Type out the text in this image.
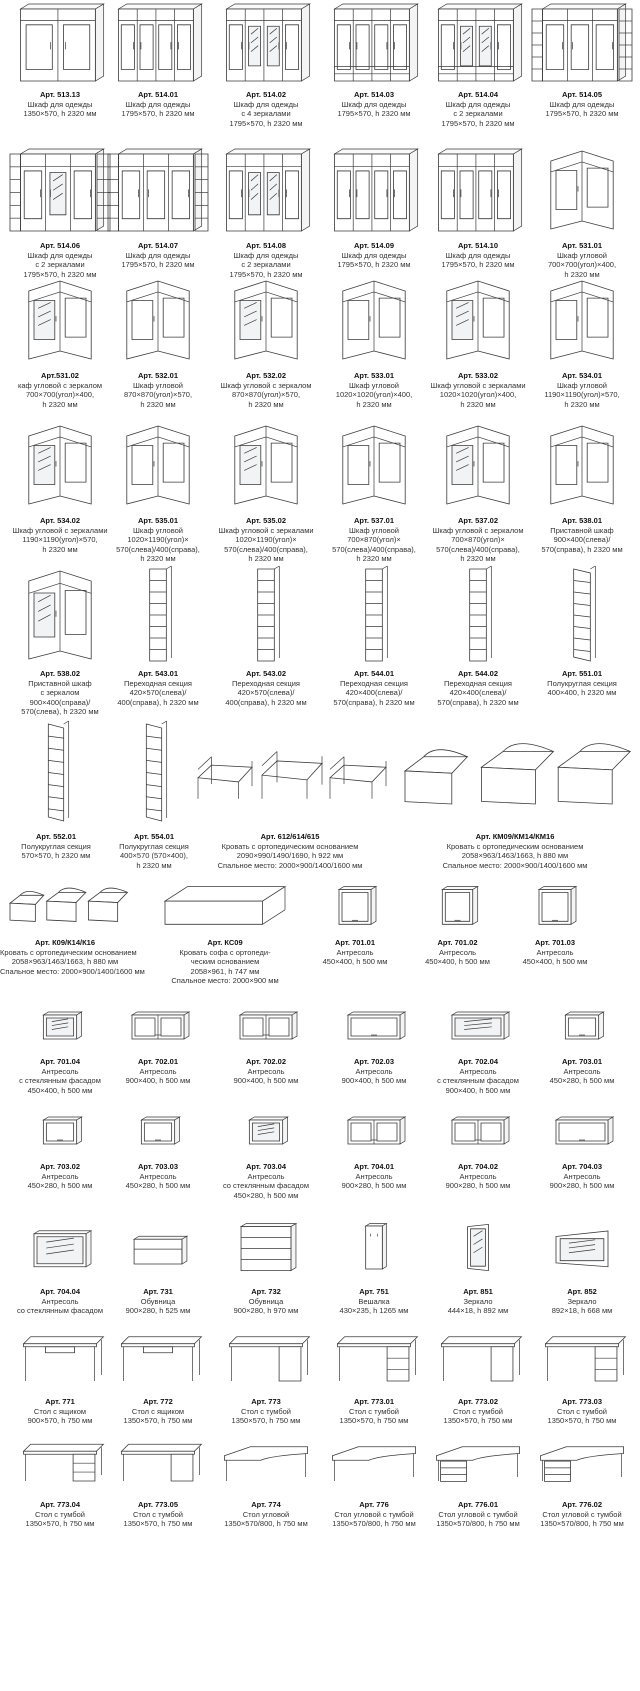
Арт. 513.13
Шкаф для одежды
1350×570, h 2320 мм
Арт. 514.01
Шкаф для одежды
1795×570, h 2320 мм
Арт. 514.02
Шкаф для одежды
с 4 зеркалами
1795×570, h 2320 мм
Арт. 514.03
Шкаф для одежды
1795×570, h 2320 мм
Арт. 514.04
Шкаф для одежды
с 2 зеркалами
1795×570, h 2320 мм
Арт. 514.05
Шкаф для одежды
1795×570, h 2320 мм
Арт. 514.06
Шкаф для одежды
с 2 зеркалами
1795×570, h 2320 мм
Арт. 514.07
Шкаф для одежды
1795×570, h 2320 мм
Арт. 514.08
Шкаф для одежды
с 2 зеркалами
1795×570, h 2320 мм
Арт. 514.09
Шкаф для одежды
1795×570, h 2320 мм
Арт. 514.10
Шкаф для одежды
1795×570, h 2320 мм
Арт. 531.01
Шкаф угловой
700×700(угол)×400,
h 2320 мм
Арт.531.02
каф угловой с зеркалом
700×700(угол)×400,
h 2320 мм
Арт. 532.01
Шкаф угловой
870×870(угол)×570,
h 2320 мм
Арт. 532.02
Шкаф угловой с зеркалом
870×870(угол)×570,
h 2320 мм
Арт. 533.01
Шкаф угловой
1020×1020(угол)×400,
h 2320 мм
Арт. 533.02
Шкаф угловой с зеркалами
1020×1020(угол)×400,
h 2320 мм
Арт. 534.01
Шкаф угловой
1190×1190(угол)×570,
h 2320 мм
Арт. 534.02
Шкаф угловой с зеркалами
1190×1190(угол)×570,
h 2320 мм
Арт. 535.01
Шкаф угловой
1020×1190(угол)×
570(слева)/400(справа),
h 2320 мм
Арт. 535.02
Шкаф угловой с зеркалами
1020×1190(угол)×
570(слева)/400(справа),
h 2320 мм
Арт. 537.01
Шкаф угловой
700×870(угол)×
570(слева)/400(справа),
h 2320 мм
Арт. 537.02
Шкаф угловой с зеркалом
700×870(угол)×
570(слева)/400(справа),
h 2320 мм
Арт. 538.01
Приставной шкаф
900×400(слева)/
570(справа), h 2320 мм
Арт. 538.02
Приставной шкаф
с зеркалом
900×400(справа)/
570(слева), h 2320 мм
Арт. 543.01
Переходная секция
420×570(слева)/
400(справа), h 2320 мм
Арт. 543.02
Переходная секция
420×570(слева)/
400(справа), h 2320 мм
Арт. 544.01
Переходная секция
420×400(слева)/
570(справа), h 2320 мм
Арт. 544.02
Переходная секция
420×400(слева)/
570(справа), h 2320 мм
Арт. 551.01
Полукруглая секция
400×400, h 2320 мм
Арт. 552.01
Полукруглая секция
570×570, h 2320 мм
Арт. 554.01
Полукруглая секция
400×570 (570×400),
h 2320 мм
Арт. 612/614/615
Кровать с ортопедическим основанием
2090×990/1490/1690, h 922 мм
Спальное место: 2000×900/1400/1600 мм
Арт. КМ09/КМ14/КМ16
Кровать с ортопедическим основанием
2058×963/1463/1663, h 880 мм
Спальное место: 2000×900/1400/1600 мм
Арт. К09/К14/К16
Кровать с ортопедическим основанием
2058×963/1463/1663, h 880 мм
Спальное место: 2000×900/1400/1600 мм
Арт. КС09
Кровать софа с ортопеди-
ческим основанием
2058×961, h 747 мм
Спальное место: 2000×900 мм
Арт. 701.01
Антресоль
450×400, h 500 мм
Арт. 701.02
Антресоль
450×400, h 500 мм
Арт. 701.03
Антресоль
450×400, h 500 мм
Арт. 701.04
Антресоль
с стеклянным фасадом
450×400, h 500 мм
Арт. 702.01
Антресоль
900×400, h 500 мм
Арт. 702.02
Антресоль
900×400, h 500 мм
Арт. 702.03
Антресоль
900×400, h 500 мм
Арт. 702.04
Антресоль
с стеклянным фасадом
900×400, h 500 мм
Арт. 703.01
Антресоль
450×280, h 500 мм
Арт. 703.02
Антресоль
450×280, h 500 мм
Арт. 703.03
Антресоль
450×280, h 500 мм
Арт. 703.04
Антресоль
со стеклянным фасадом
450×280, h 500 мм
Арт. 704.01
Антресоль
900×280, h 500 мм
Арт. 704.02
Антресоль
900×280, h 500 мм
Арт. 704.03
Антресоль
900×280, h 500 мм
Арт. 704.04
Антресоль
со стеклянным фасадом
Арт. 731
Обувница
900×280, h 525 мм
Арт. 732
Обувница
900×280, h 970 мм
Арт. 751
Вешалка
430×235, h 1265 мм
Арт. 851
Зеркало
444×18, h 892 мм
Арт. 852
Зеркало
892×18, h 668 мм
Арт. 771
Стол с ящиком
900×570, h 750 мм
Арт. 772
Стол с ящиком
1350×570, h 750 мм
Арт. 773
Стол с тумбой
1350×570, h 750 мм
Арт. 773.01
Стол с тумбой
1350×570, h 750 мм
Арт. 773.02
Стол с тумбой
1350×570, h 750 мм
Арт. 773.03
Стол с тумбой
1350×570, h 750 мм
Арт. 773.04
Стол с тумбой
1350×570, h 750 мм
Арт. 773.05
Стол с тумбой
1350×570, h 750 мм
Арт. 774
Стол угловой
1350×570/800, h 750 мм
Арт. 776
Стол угловой с тумбой
1350×570/800, h 750 мм
Арт. 776.01
Стол угловой с тумбой
1350×570/800, h 750 мм
Арт. 776.02
Стол угловой с тумбой
1350×570/800, h 750 мм
